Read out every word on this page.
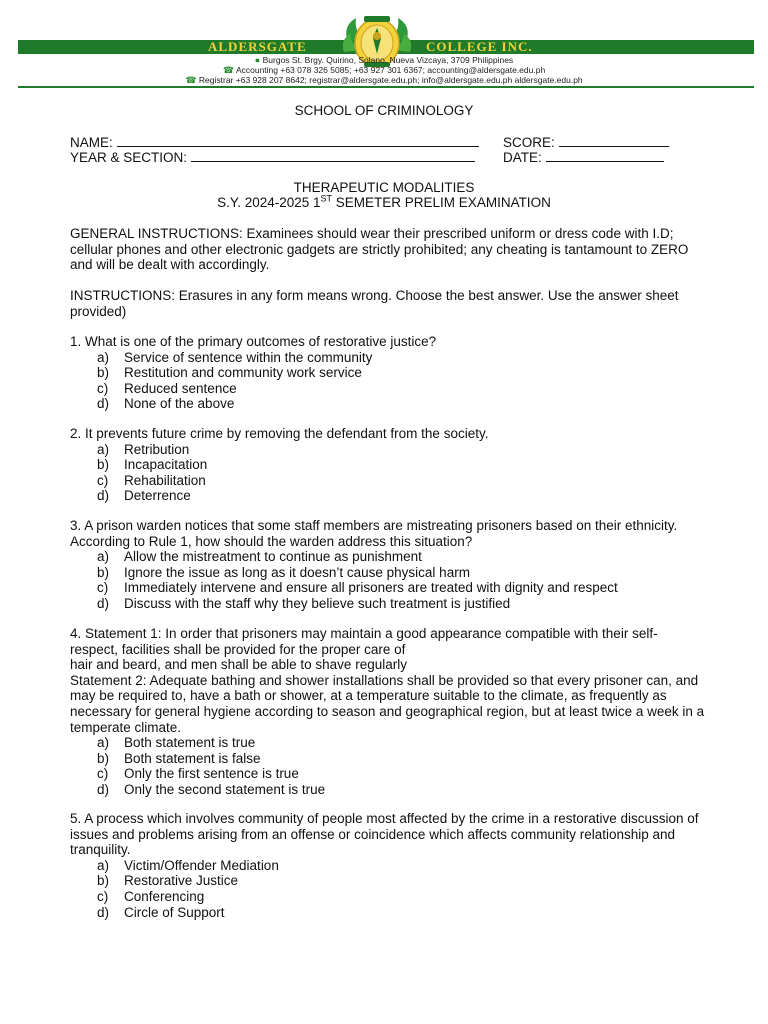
ALDERSGATE	COLLEGE INC.
● Burgos St. Brgy. Quirino, Solano, Nueva Vizcaya, 3709 Philippines
☎ Accounting +63 078 326 5085; +63 927 301 6367; accounting@aldersgate.edu.ph
☎ Registrar +63 928 207 8642; registrar@aldersgate.edu.ph; info@aldersgate.edu.ph aldersgate.edu.ph
SCHOOL OF CRIMINOLOGY
NAME:	SCORE:
YEAR & SECTION:	DATE:
THERAPEUTIC MODALITIES
S.Y. 2024-2025 1ST SEMETER PRELIM EXAMINATION
GENERAL INSTRUCTIONS: Examinees should wear their prescribed uniform or dress code with I.D; cellular phones and other electronic gadgets are strictly prohibited; any cheating is tantamount to ZERO and will be dealt with accordingly.
INSTRUCTIONS: Erasures in any form means wrong. Choose the best answer. Use the answer sheet provided)
1. What is one of the primary outcomes of restorative justice?
a) Service of sentence within the community
b) Restitution and community work service
c) Reduced sentence
d) None of the above
2. It prevents future crime by removing the defendant from the society.
a) Retribution
b) Incapacitation
c) Rehabilitation
d) Deterrence
3. A prison warden notices that some staff members are mistreating prisoners based on their ethnicity. According to Rule 1, how should the warden address this situation?
a) Allow the mistreatment to continue as punishment
b) Ignore the issue as long as it doesn’t cause physical harm
c) Immediately intervene and ensure all prisoners are treated with dignity and respect
d) Discuss with the staff why they believe such treatment is justified
4. Statement 1: In order that prisoners may maintain a good appearance compatible with their self-respect, facilities shall be provided for the proper care of
hair and beard, and men shall be able to shave regularly
Statement 2: Adequate bathing and shower installations shall be provided so that every prisoner can, and may be required to, have a bath or shower, at a temperature suitable to the climate, as frequently as necessary for general hygiene according to season and geographical region, but at least twice a week in a temperate climate.
a) Both statement is true
b) Both statement is false
c) Only the first sentence is true
d) Only the second statement is true
5. A process which involves community of people most affected by the crime in a restorative discussion of issues and problems arising from an offense or coincidence which affects community relationship and tranquility.
a) Victim/Offender Mediation
b) Restorative Justice
c) Conferencing
d) Circle of Support
